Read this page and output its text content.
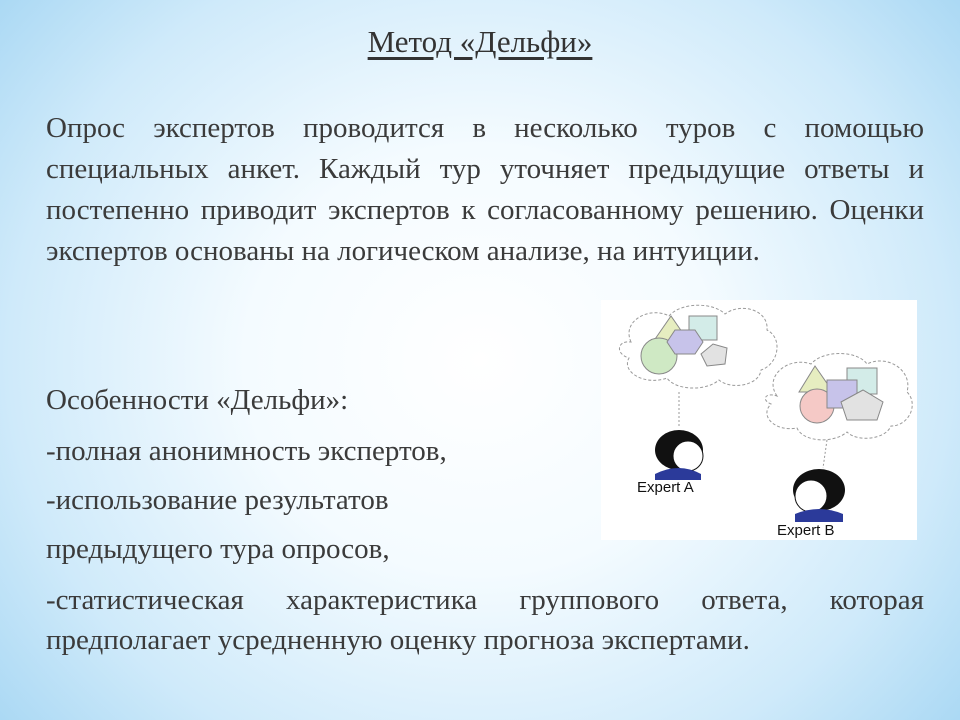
Метод «Дельфи»
Опрос экспертов проводится в несколько туров с помощью специальных анкет. Каждый тур уточняет предыдущие ответы и постепенно приводит экспертов к согласованному решению. Оценки экспертов основаны на логическом анализе, на интуиции.
Особенности «Дельфи»:
-полная анонимность экспертов,
-использование результатов
предыдущего тура опросов,
-статистическая характеристика группового ответа, которая
предполагает усредненную оценку прогноза экспертами.
Expert A
Expert B
